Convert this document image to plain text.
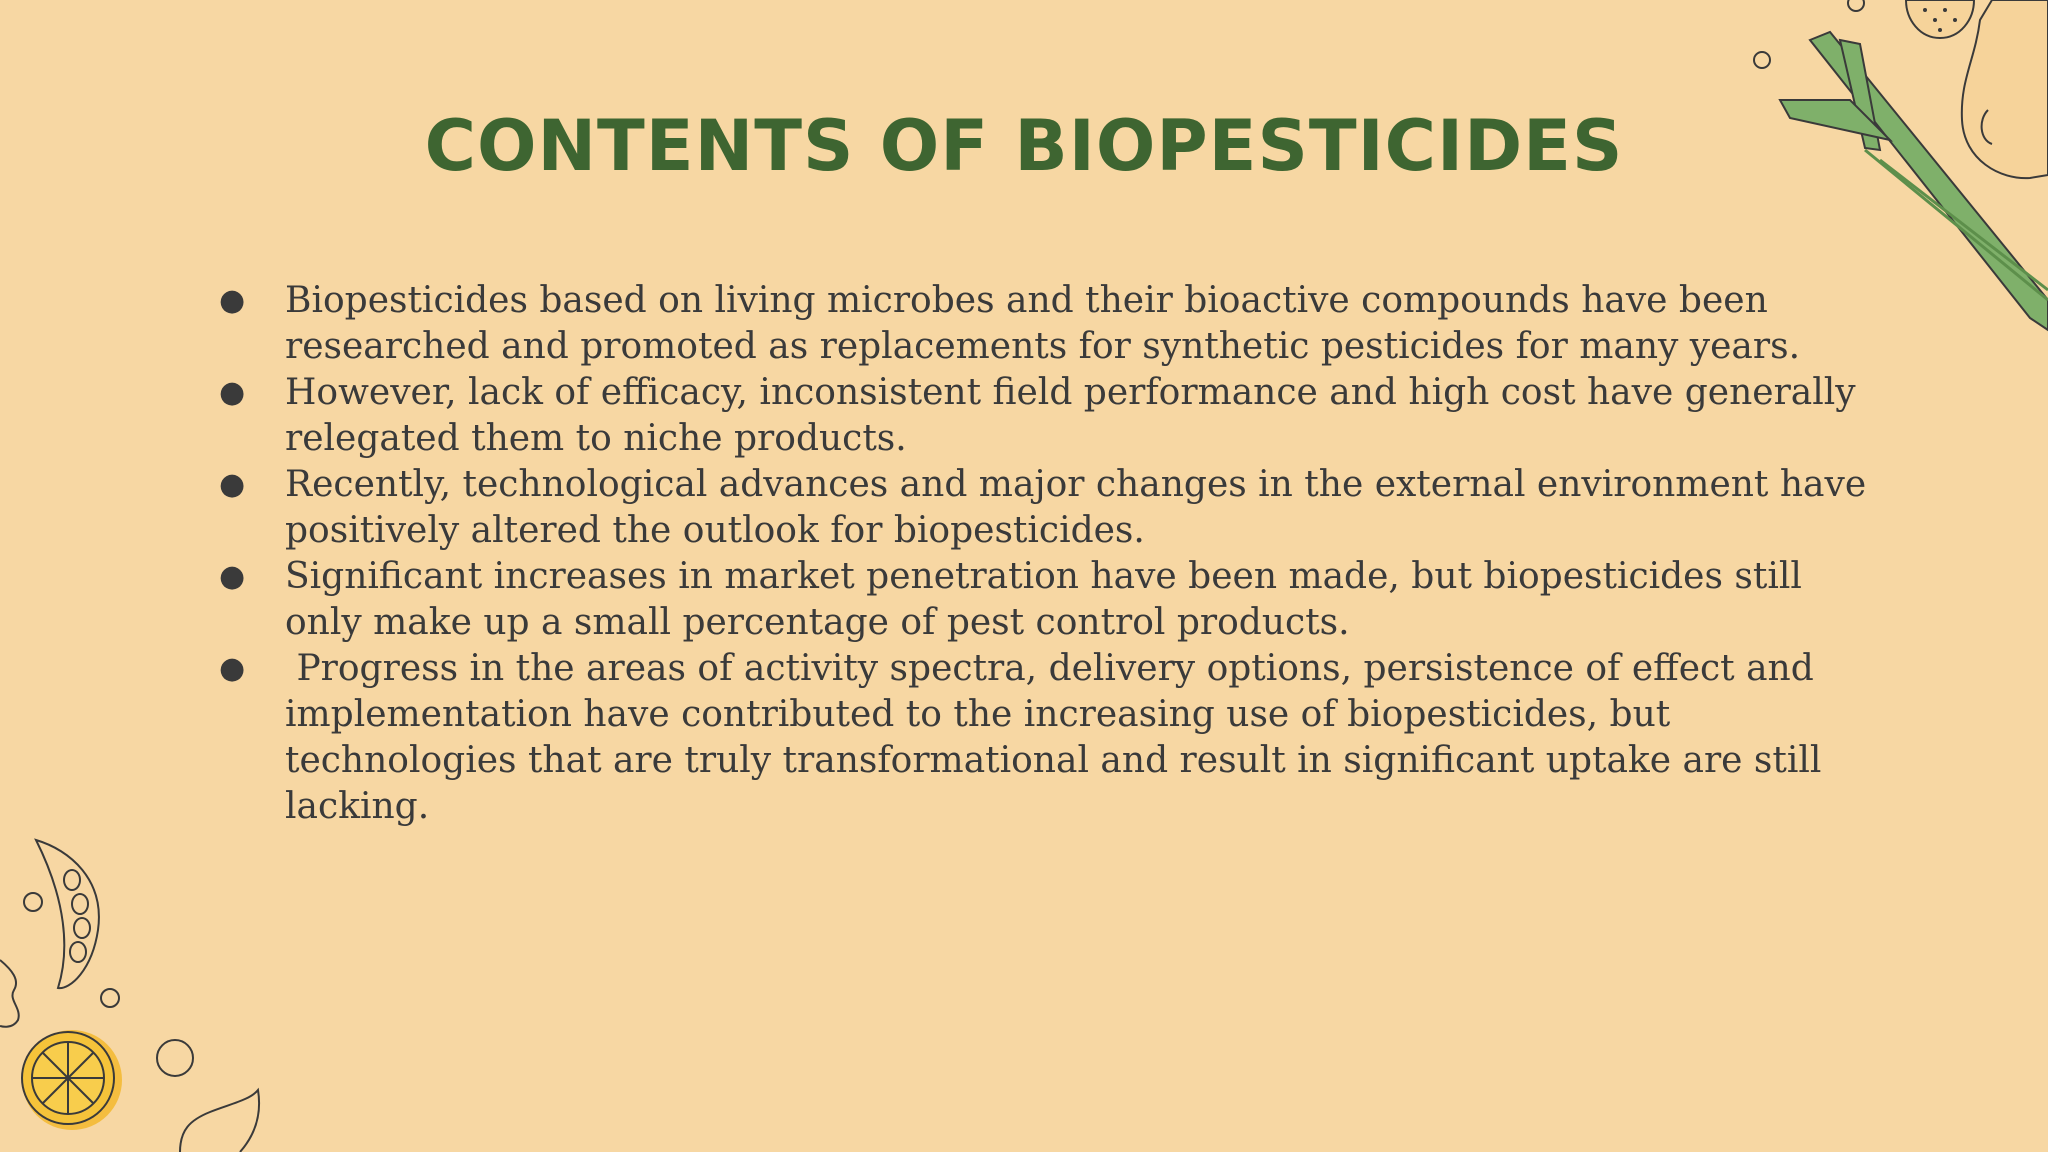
CONTENTS OF BIOPESTICIDES
● Biopesticides based on living microbes and their bioactive compounds have been researched and promoted as replacements for synthetic pesticides for many years.
● However, lack of efficacy, inconsistent field performance and high cost have generally relegated them to niche products.
● Recently, technological advances and major changes in the external environment have positively altered the outlook for biopesticides.
● Significant increases in market penetration have been made, but biopesticides still only make up a small percentage of pest control products.
● Progress in the areas of activity spectra, delivery options, persistence of effect and implementation have contributed to the increasing use of biopesticides, but technologies that are truly transformational and result in significant uptake are still lacking.
